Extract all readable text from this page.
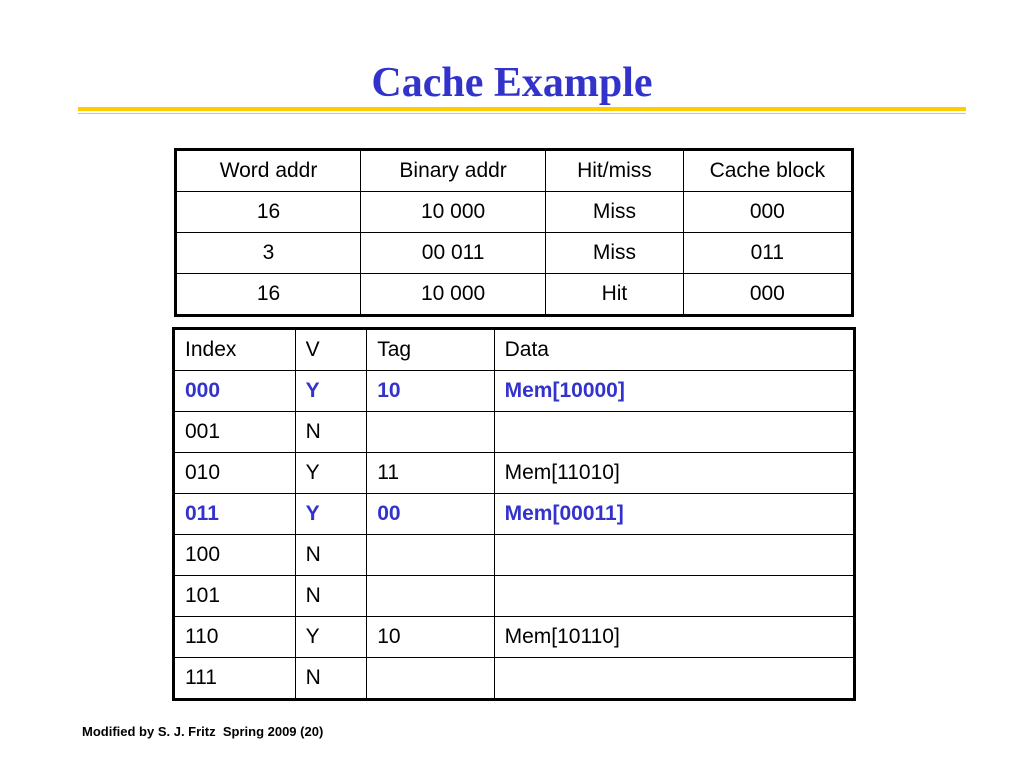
Cache Example
Word addr	Binary addr	Hit/miss	Cache block
16	10 000	Miss	000
3	00 011	Miss	011
16	10 000	Hit	000
Index	V	Tag	Data
000	Y	10	Mem[10000]
001	N		
010	Y	11	Mem[11010]
011	Y	00	Mem[00011]
100	N		
101	N		
110	Y	10	Mem[10110]
111	N		
Modified by S. J. Fritz  Spring 2009 (20)
